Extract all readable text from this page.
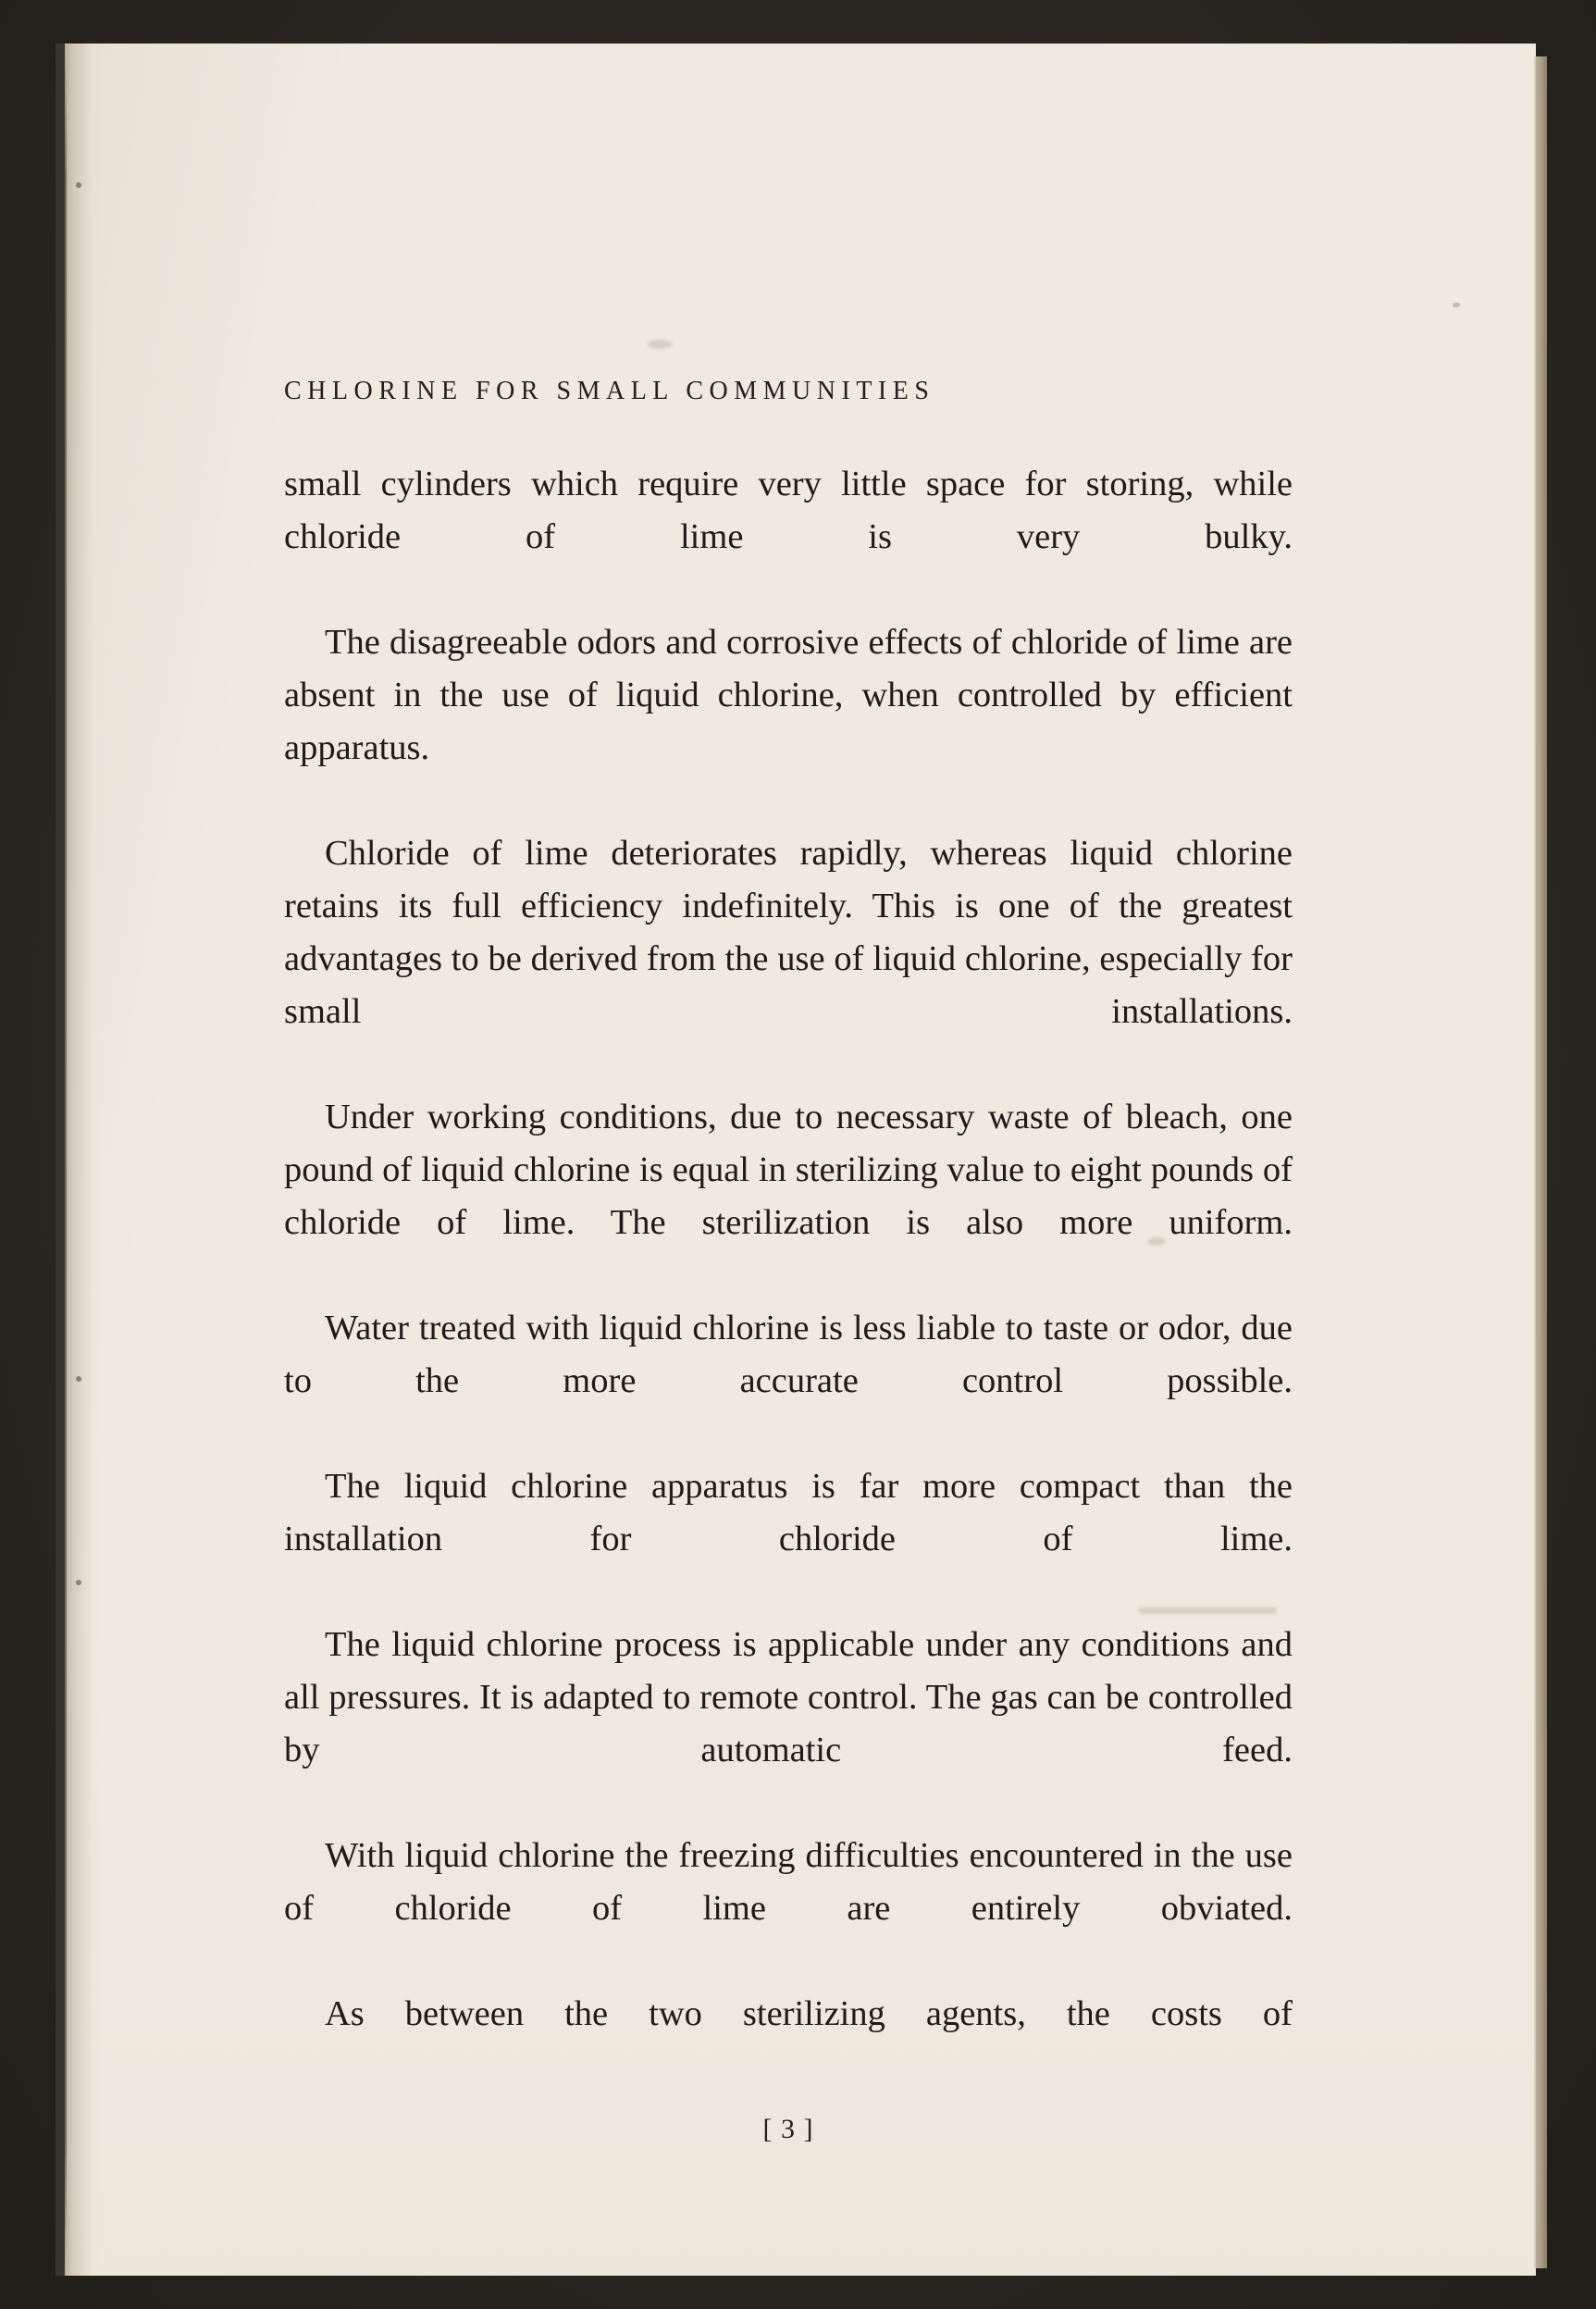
CHLORINE FOR SMALL COMMUNITIES

small cylinders which require very little space for storing, while chloride of lime is very bulky.

The disagreeable odors and corrosive effects of chloride of lime are absent in the use of liquid chlorine, when controlled by efficient apparatus.

Chloride of lime deteriorates rapidly, whereas liquid chlorine retains its full efficiency indefinitely. This is one of the greatest advantages to be derived from the use of liquid chlorine, especially for small installations.

Under working conditions, due to necessary waste of bleach, one pound of liquid chlorine is equal in sterilizing value to eight pounds of chloride of lime. The sterilization is also more uniform.

Water treated with liquid chlorine is less liable to taste or odor, due to the more accurate control possible.

The liquid chlorine apparatus is far more compact than the installation for chloride of lime.

The liquid chlorine process is applicable under any conditions and all pressures. It is adapted to remote control. The gas can be controlled by automatic feed.

With liquid chlorine the freezing difficulties encountered in the use of chloride of lime are entirely obviated.

As between the two sterilizing agents, the costs of

[ 3 ]
